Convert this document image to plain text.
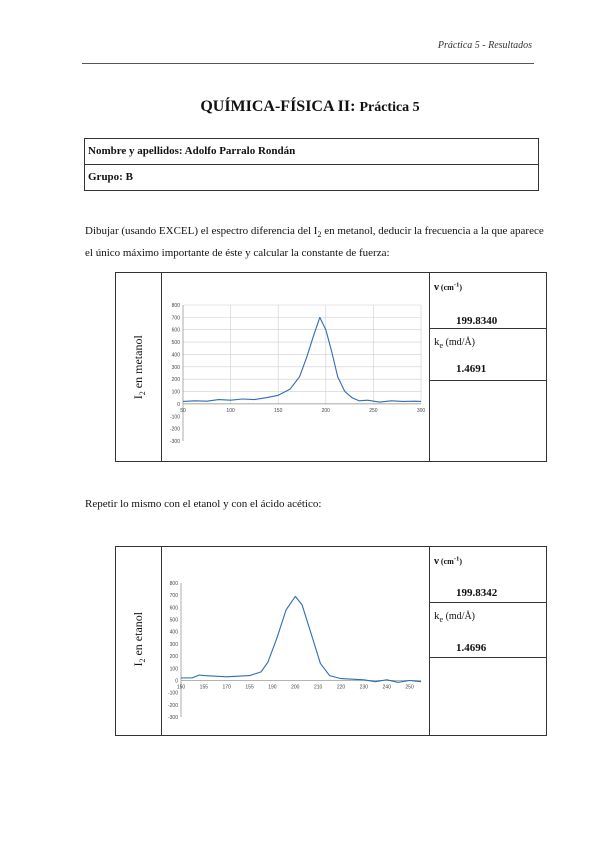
Práctica 5 - Resultados
QUÍMICA-FÍSICA II: Práctica 5
Nombre y apellidos: Adolfo Parralo Rondán
Grupo: B
Dibujar (usando EXCEL) el espectro diferencia del $I_2$ en metanol, deducir la frecuencia a la que aparece el único máximo importante de éste y calcular la constante de fuerza:
$I_2$ en metanol
800
700
600
500
400
300
200
100
0
-100
-200
-300
50	100	150	200	250	300
ν $(cm^{-1})$
199.8340
$k_e$ (md/Å)
1.4691
Repetir lo mismo con el etanol y con el ácido acético:
$I_2$ en etanol
800
700
600
500
400
300
200
100
0
-100
-200
-300
150	155	170	155	190	200	210	220	230	240	250
ν $(cm^{-1})$
199.8342
$k_e$ (md/Å)
1.4696
